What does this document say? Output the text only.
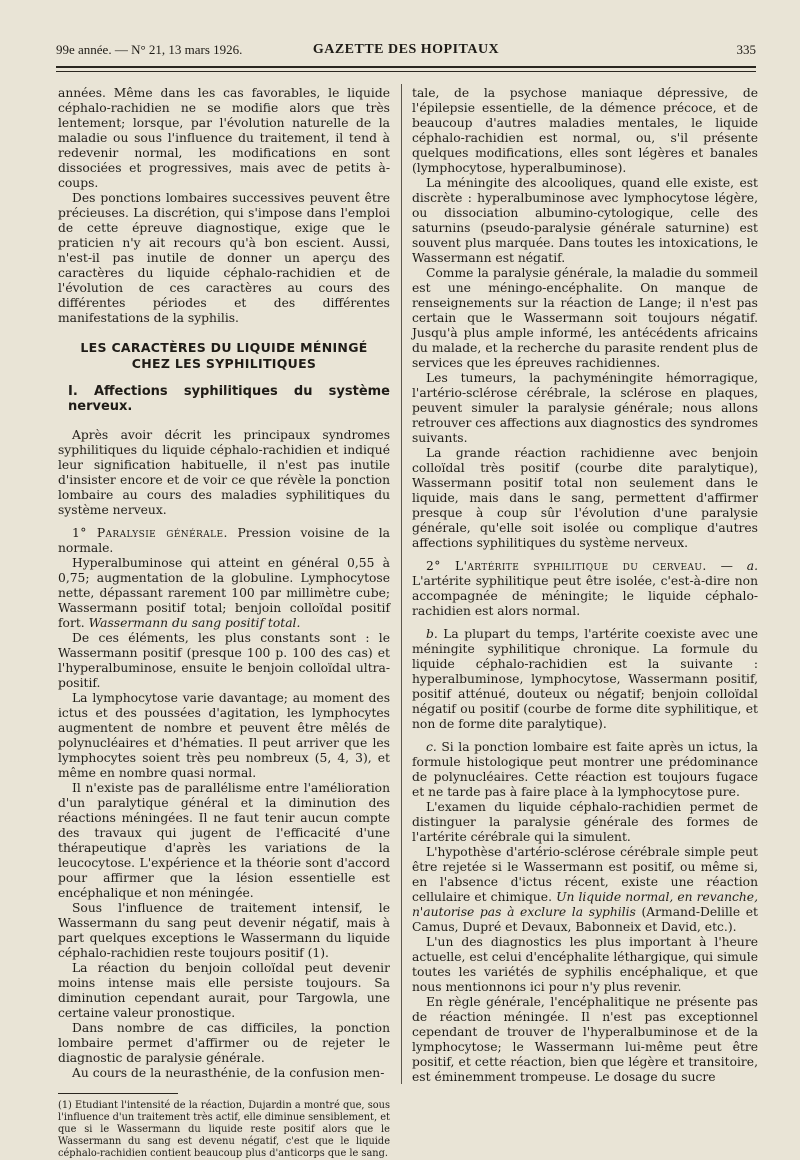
99e année. — N° 21, 13 mars 1926.	GAZETTE DES HOPITAUX	335

années. Même dans les cas favorables, le liquide céphalo-rachidien ne se modifie alors que très lentement; lorsque, par l'évolution naturelle de la maladie ou sous l'influence du traitement, il tend à redevenir normal, les modifications en sont dissociées et progressives, mais avec de petits à-coups.

Des ponctions lombaires successives peuvent être précieuses. La discrétion, qui s'impose dans l'emploi de cette épreuve diagnostique, exige que le praticien n'y ait recours qu'à bon escient. Aussi, n'est-il pas inutile de donner un aperçu des caractères du liquide céphalo-rachidien et de l'évolution de ces caractères au cours des différentes périodes et des différentes manifestations de la syphilis.

LES CARACTÈRES DU LIQUIDE MÉNINGÉ
CHEZ LES SYPHILITIQUES
I. Affections syphilitiques du système nerveux.

Après avoir décrit les principaux syndromes syphilitiques du liquide céphalo-rachidien et indiqué leur signification habituelle, il n'est pas inutile d'insister encore et de voir ce que révèle la ponction lombaire au cours des maladies syphilitiques du système nerveux.

1° Paralysie générale. Pression voisine de la normale.

Hyperalbuminose qui atteint en général 0,55 à 0,75; augmentation de la globuline. Lymphocytose nette, dépassant rarement 100 par millimètre cube; Wassermann positif total; benjoin colloïdal positif fort. Wassermann du sang positif total.

De ces éléments, les plus constants sont : le Wassermann positif (presque 100 p. 100 des cas) et l'hyperalbuminose, ensuite le benjoin colloïdal ultra-positif.

La lymphocytose varie davantage; au moment des ictus et des poussées d'agitation, les lymphocytes augmentent de nombre et peuvent être mêlés de polynucléaires et d'hématies. Il peut arriver que les lymphocytes soient très peu nombreux (5, 4, 3), et même en nombre quasi normal.

Il n'existe pas de parallélisme entre l'amélioration d'un paralytique général et la diminution des réactions méningées. Il ne faut tenir aucun compte des travaux qui jugent de l'efficacité d'une thérapeutique d'après les variations de la leucocytose. L'expérience et la théorie sont d'accord pour affirmer que la lésion essentielle est encéphalique et non méningée.

Sous l'influence de traitement intensif, le Wassermann du sang peut devenir négatif, mais à part quelques exceptions le Wassermann du liquide céphalo-rachidien reste toujours positif (1).

La réaction du benjoin colloïdal peut devenir moins intense mais elle persiste toujours. Sa diminution cependant aurait, pour Targowla, une certaine valeur pronostique.

Dans nombre de cas difficiles, la ponction lombaire permet d'affirmer ou de rejeter le diagnostic de paralysie générale.

Au cours de la neurasthénie, de la confusion men-

(1) Etudiant l'intensité de la réaction, Dujardin a montré que, sous l'influence d'un traitement très actif, elle diminue sensiblement, et que si le Wassermann du liquide reste positif alors que le Wassermann du sang est devenu négatif, c'est que le liquide céphalo-rachidien contient beaucoup plus d'anticorps que le sang.

tale, de la psychose maniaque dépressive, de l'épilepsie essentielle, de la démence précoce, et de beaucoup d'autres maladies mentales, le liquide céphalo-rachidien est normal, ou, s'il présente quelques modifications, elles sont légères et banales (lymphocytose, hyperalbuminose).

La méningite des alcooliques, quand elle existe, est discrète : hyperalbuminose avec lymphocytose légère, ou dissociation albumino-cytologique, celle des saturnins (pseudo-paralysie générale saturnine) est souvent plus marquée. Dans toutes les intoxications, le Wassermann est négatif.

Comme la paralysie générale, la maladie du sommeil est une méningo-encéphalite. On manque de renseignements sur la réaction de Lange; il n'est pas certain que le Wassermann soit toujours négatif. Jusqu'à plus ample informé, les antécédents africains du malade, et la recherche du parasite rendent plus de services que les épreuves rachidiennes.

Les tumeurs, la pachyméningite hémorragique, l'artério-sclérose cérébrale, la sclérose en plaques, peuvent simuler la paralysie générale; nous allons retrouver ces affections aux diagnostics des syndromes suivants.

La grande réaction rachidienne avec benjoin colloïdal très positif (courbe dite paralytique), Wassermann positif total non seulement dans le liquide, mais dans le sang, permettent d'affirmer presque à coup sûr l'évolution d'une paralysie générale, qu'elle soit isolée ou complique d'autres affections syphilitiques du système nerveux.

2° L'artérite syphilitique du cerveau. — a. L'artérite syphilitique peut être isolée, c'est-à-dire non accompagnée de méningite; le liquide céphalo-rachidien est alors normal.

b. La plupart du temps, l'artérite coexiste avec une méningite syphilitique chronique. La formule du liquide céphalo-rachidien est la suivante : hyperalbuminose, lymphocytose, Wassermann positif, positif atténué, douteux ou négatif; benjoin colloïdal négatif ou positif (courbe de forme dite syphilitique, et non de forme dite paralytique).

c. Si la ponction lombaire est faite après un ictus, la formule histologique peut montrer une prédominance de polynucléaires. Cette réaction est toujours fugace et ne tarde pas à faire place à la lymphocytose pure.

L'examen du liquide céphalo-rachidien permet de distinguer la paralysie générale des formes de l'artérite cérébrale qui la simulent.

L'hypothèse d'artério-sclérose cérébrale simple peut être rejetée si le Wassermann est positif, ou même si, en l'absence d'ictus récent, existe une réaction cellulaire et chimique. Un liquide normal, en revanche, n'autorise pas à exclure la syphilis (Armand-Delille et Camus, Dupré et Devaux, Babonneix et David, etc.).

L'un des diagnostics les plus important à l'heure actuelle, est celui d'encéphalite léthargique, qui simule toutes les variétés de syphilis encéphalique, et que nous mentionnons ici pour n'y plus revenir.

En règle générale, l'encéphalitique ne présente pas de réaction méningée. Il n'est pas exceptionnel cependant de trouver de l'hyperalbuminose et de la lymphocytose; le Wassermann lui-même peut être positif, et cette réaction, bien que légère et transitoire, est éminemment trompeuse. Le dosage du sucre
